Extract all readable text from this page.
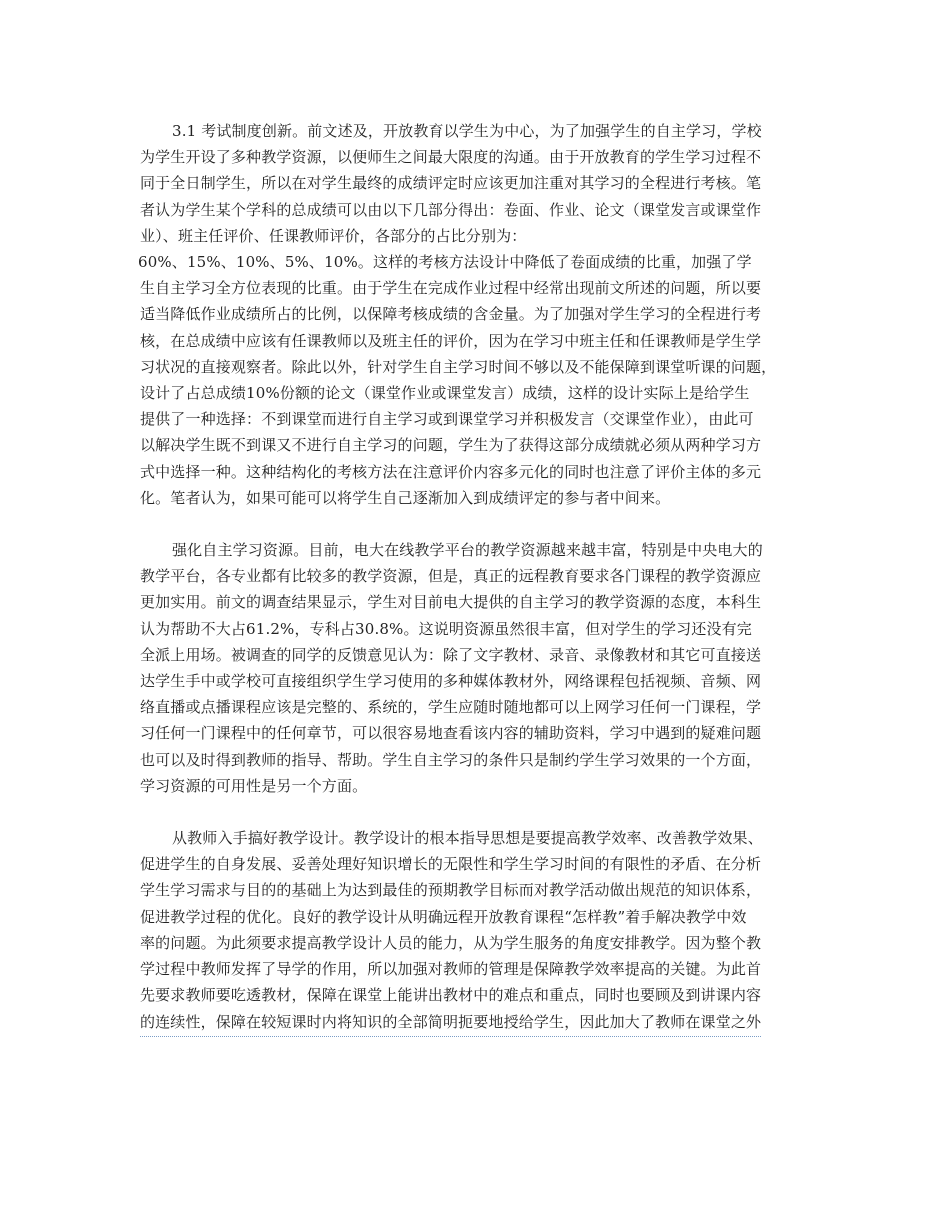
3.1 考试制度创新。前文述及，开放教育以学生为中心，为了加强学生的自主学习，学校
为学生开设了多种教学资源，以便师生之间最大限度的沟通。由于开放教育的学生学习过程不
同于全日制学生，所以在对学生最终的成绩评定时应该更加注重对其学习的全程进行考核。笔
者认为学生某个学科的总成绩可以由以下几部分得出：卷面、作业、论文（课堂发言或课堂作
业）、班主任评价、任课教师评价，各部分的占比分别为：
60%、15%、10%、5%、10%。这样的考核方法设计中降低了卷面成绩的比重，加强了学
生自主学习全方位表现的比重。由于学生在完成作业过程中经常出现前文所述的问题，所以要
适当降低作业成绩所占的比例，以保障考核成绩的含金量。为了加强对学生学习的全程进行考
核，在总成绩中应该有任课教师以及班主任的评价，因为在学习中班主任和任课教师是学生学
习状况的直接观察者。除此以外，针对学生自主学习时间不够以及不能保障到课堂听课的问题，
设计了占总成绩10%份额的论文（课堂作业或课堂发言）成绩，这样的设计实际上是给学生
提供了一种选择：不到课堂而进行自主学习或到课堂学习并积极发言（交课堂作业），由此可
以解决学生既不到课又不进行自主学习的问题，学生为了获得这部分成绩就必须从两种学习方
式中选择一种。这种结构化的考核方法在注意评价内容多元化的同时也注意了评价主体的多元
化。笔者认为，如果可能可以将学生自己逐渐加入到成绩评定的参与者中间来。
强化自主学习资源。目前，电大在线教学平台的教学资源越来越丰富，特别是中央电大的
教学平台，各专业都有比较多的教学资源，但是，真正的远程教育要求各门课程的教学资源应
更加实用。前文的调查结果显示，学生对目前电大提供的自主学习的教学资源的态度，本科生
认为帮助不大占61.2%，专科占30.8%。这说明资源虽然很丰富，但对学生的学习还没有完
全派上用场。被调查的同学的反馈意见认为：除了文字教材、录音、录像教材和其它可直接送
达学生手中或学校可直接组织学生学习使用的多种媒体教材外，网络课程包括视频、音频、网
络直播或点播课程应该是完整的、系统的，学生应随时随地都可以上网学习任何一门课程，学
习任何一门课程中的任何章节，可以很容易地查看该内容的辅助资料，学习中遇到的疑难问题
也可以及时得到教师的指导、帮助。学生自主学习的条件只是制约学生学习效果的一个方面，
学习资源的可用性是另一个方面。
从教师入手搞好教学设计。教学设计的根本指导思想是要提高教学效率、改善教学效果、
促进学生的自身发展、妥善处理好知识增长的无限性和学生学习时间的有限性的矛盾、在分析
学生学习需求与目的的基础上为达到最佳的预期教学目标而对教学活动做出规范的知识体系，
促进教学过程的优化。良好的教学设计从明确远程开放教育课程“怎样教”着手解决教学中效
率的问题。为此须要求提高教学设计人员的能力，从为学生服务的角度安排教学。因为整个教
学过程中教师发挥了导学的作用，所以加强对教师的管理是保障教学效率提高的关键。为此首
先要求教师要吃透教材，保障在课堂上能讲出教材中的难点和重点，同时也要顾及到讲课内容
的连续性，保障在较短课时内将知识的全部简明扼要地授给学生，因此加大了教师在课堂之外
